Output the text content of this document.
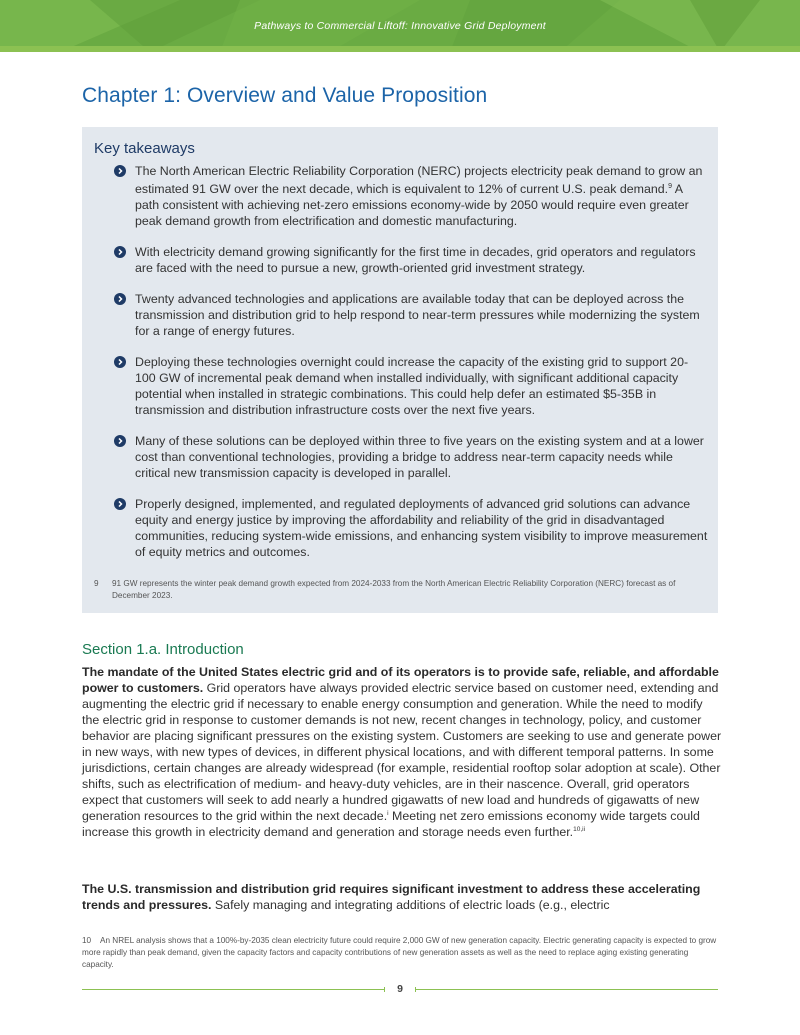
Pathways to Commercial Liftoff: Innovative Grid Deployment
Chapter 1: Overview and Value Proposition
Key takeaways
The North American Electric Reliability Corporation (NERC) projects electricity peak demand to grow an estimated 91 GW over the next decade, which is equivalent to 12% of current U.S. peak demand.$^9$ A path consistent with achieving net-zero emissions economy-wide by 2050 would require even greater peak demand growth from electrification and domestic manufacturing.
With electricity demand growing significantly for the first time in decades, grid operators and regulators are faced with the need to pursue a new, growth-oriented grid investment strategy.
Twenty advanced technologies and applications are available today that can be deployed across the transmission and distribution grid to help respond to near-term pressures while modernizing the system for a range of energy futures.
Deploying these technologies overnight could increase the capacity of the existing grid to support 20-100 GW of incremental peak demand when installed individually, with significant additional capacity potential when installed in strategic combinations. This could help defer an estimated $5-35B in transmission and distribution infrastructure costs over the next five years.
Many of these solutions can be deployed within three to five years on the existing system and at a lower cost than conventional technologies, providing a bridge to address near-term capacity needs while critical new transmission capacity is developed in parallel.
Properly designed, implemented, and regulated deployments of advanced grid solutions can advance equity and energy justice by improving the affordability and reliability of the grid in disadvantaged communities, reducing system-wide emissions, and enhancing system visibility to improve measurement of equity metrics and outcomes.
9 91 GW represents the winter peak demand growth expected from 2024-2033 from the North American Electric Reliability Corporation (NERC) forecast as of
December 2023.
Section 1.a. Introduction

The mandate of the United States electric grid and of its operators is to provide safe, reliable, and affordable power to customers. Grid operators have always provided electric service based on customer need, extending and augmenting the electric grid if necessary to enable energy consumption and generation. While the need to modify the electric grid in response to customer demands is not new, recent changes in technology, policy, and customer behavior are placing significant pressures on the existing system. Customers are seeking to use and generate power in new ways, with new types of devices, in different physical locations, and with different temporal patterns. In some jurisdictions, certain changes are already widespread (for example, residential rooftop solar adoption at scale). Other shifts, such as electrification of medium- and heavy-duty vehicles, are in their nascence. Overall, grid operators expect that customers will seek to add nearly a hundred gigawatts of new load and hundreds of gigawatts of new generation resources to the grid within the next decade.$^i$ Meeting net zero emissions economy wide targets could increase this growth in electricity demand and generation and storage needs even further.$^{10,ii}$

The U.S. transmission and distribution grid requires significant investment to address these accelerating trends and pressures. Safely managing and integrating additions of electric loads (e.g., electric

10 An NREL analysis shows that a 100%-by-2035 clean electricity future could require 2,000 GW of new generation capacity. Electric generating capacity is expected to grow more rapidly than peak demand, given the capacity factors and capacity contributions of new generation assets as well as the need to replace aging existing generating capacity.
9
